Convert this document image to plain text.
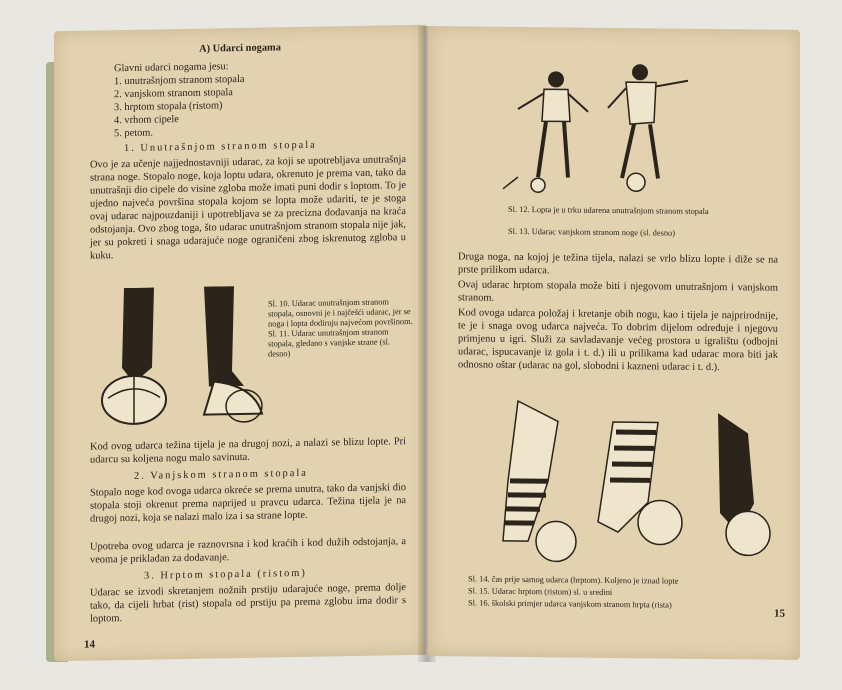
A) Udarci nogama
Glavni udarci nogama jesu:
1. unutrašnjom stranom stopala
2. vanjskom stranom stopala
3. hrptom stopala (ristom)
4. vrhom cipele
5. petom.
1. Unutrašnjom stranom stopala
Ovo je za učenje najjednostavniji udarac, za koji se upotrebljava unutrašnja strana noge. Stopalo noge, koja loptu udara, okrenuto je prema van, tako da unutrašnji dio cipele do visine zgloba može imati puni dodir s loptom. To je ujedno najveća površina stopala kojom se lopta može udariti, te je stoga ovaj udarac najpouzdaniji i upotrebljava se za precizna dodavanja na kraća odstojanja. Ovo zbog toga, što udarac unutrašnjom stranom stopala nije jak, jer su pokreti i snaga udarajuće noge ograničeni zbog iskrenutog zgloba u kuku.
Sl. 10. Udarac unutrašnjom stranom stopala, osnovni je i najčešći udarac, jer se noga i lopta dodiruju najvećom površinom. Sl. 11. Udarac unutrašnjom stranom stopala, gledano s vanjske strane (sl. desno)
Kod ovog udarca težina tijela je na drugoj nozi, a nalazi se blizu lopte. Pri udarcu su koljena nogu malo savinuta.
2. Vanjskom stranom stopala
Stopalo noge kod ovoga udarca okreće se prema unutra, tako da vanjski dio stopala stoji okrenut prema naprijed u pravcu udarca. Težina tijela je na drugoj nozi, koja se nalazi malo iza i sa strane lopte.
Upotreba ovog udarca je raznovrsna i kod kraćih i kod dužih odstojanja, a veoma je prikladan za dodavanje.
3. Hrptom stopala (ristom)
Udarac se izvodi skretanjem nožnih prstiju udarajuće noge, prema dolje tako, da cijeli hrbat (rist) stopala od prstiju pa prema zglobu ima dodir s loptom.
14
Sl. 12. Lopta je u trku udarena unutrašnjom stranom stopala
Sl. 13. Udarac vanjskom stranom noge (sl. desno)
Druga noga, na kojoj je težina tijela, nalazi se vrlo blizu lopte i diže se na prste prilikom udarca.
Ovaj udarac hrptom stopala može biti i njegovom unutrašnjom i vanjskom stranom.
Kod ovoga udarca položaj i kretanje obih nogu, kao i tijela je najprirodnije, te je i snaga ovog udarca najveća. To dobrim dijelom određuje i njegovu primjenu u igri. Služi za savladavanje većeg prostora u igralištu (odbojni udarac, ispucavanje iz gola i t. d.) ili u prilikama kad udarac mora biti jak odnosno oštar (udarac na gol, slobodni i kazneni udarac i t. d.).
Sl. 14. čas prije samog udarca (hrptom). Koljeno je iznad lopte
Sl. 15. Udarac hrptom (ristom) sl. u sredini
Sl. 16. školski primjer udarca vanjskom stranom hrpta (rista)
15
